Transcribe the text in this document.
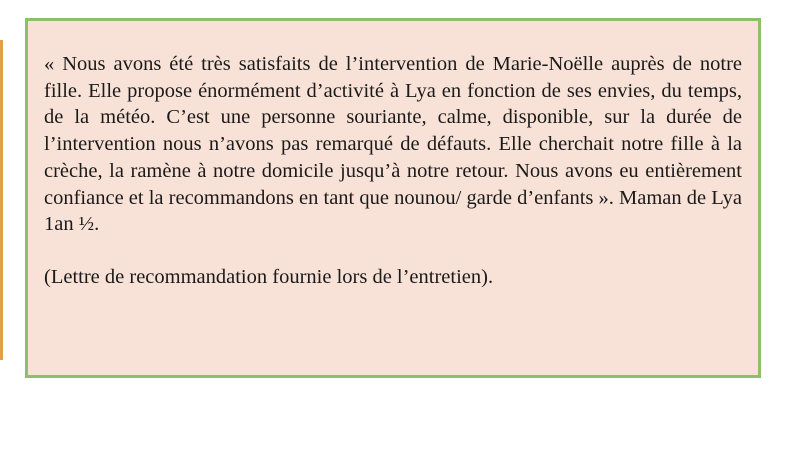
« Nous avons été très satisfaits de l’intervention de Marie-Noëlle auprès de notre fille. Elle propose énormément d’activité à Lya en fonction de ses envies, du temps, de la météo. C’est une personne souriante, calme, disponible, sur la durée de l’intervention nous n’avons pas remarqué de défauts. Elle cherchait notre fille à la crèche, la ramène à notre domicile jusqu’à notre retour. Nous avons eu entièrement confiance et la recommandons en tant que nounou/ garde d’enfants ». Maman de Lya 1an ½.

(Lettre de recommandation fournie lors de l’entretien).
